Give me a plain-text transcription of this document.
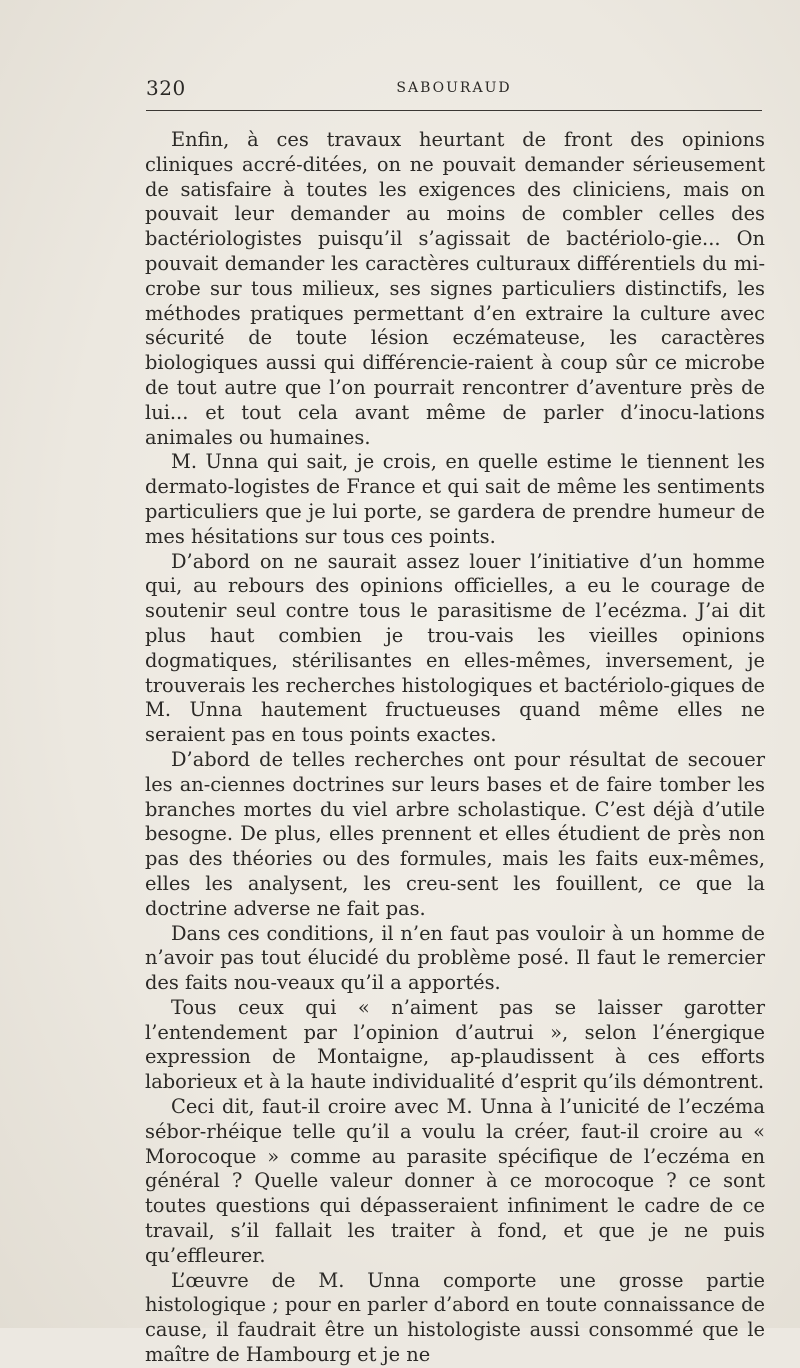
320	SABOURAUD

Enfin, à ces travaux heurtant de front des opinions cliniques accré-ditées, on ne pouvait demander sérieusement de satisfaire à toutes les exigences des cliniciens, mais on pouvait leur demander au moins de combler celles des bactériologistes puisqu’il s’agissait de bactériolo-gie... On pouvait demander les caractères culturaux différentiels du mi-crobe sur tous milieux, ses signes particuliers distinctifs, les méthodes pratiques permettant d’en extraire la culture avec sécurité de toute lésion eczémateuse, les caractères biologiques aussi qui différencie-raient à coup sûr ce microbe de tout autre que l’on pourrait rencontrer d’aventure près de lui... et tout cela avant même de parler d’inocu-lations animales ou humaines.

M. Unna qui sait, je crois, en quelle estime le tiennent les dermato-logistes de France et qui sait de même les sentiments particuliers que je lui porte, se gardera de prendre humeur de mes hésitations sur tous ces points.

D’abord on ne saurait assez louer l’initiative d’un homme qui, au rebours des opinions officielles, a eu le courage de soutenir seul contre tous le parasitisme de l’ecézma. J’ai dit plus haut combien je trou-vais les vieilles opinions dogmatiques, stérilisantes en elles-mêmes, inversement, je trouverais les recherches histologiques et bactériolo-giques de M. Unna hautement fructueuses quand même elles ne seraient pas en tous points exactes.

D’abord de telles recherches ont pour résultat de secouer les an-ciennes doctrines sur leurs bases et de faire tomber les branches mortes du viel arbre scholastique. C’est déjà d’utile besogne. De plus, elles prennent et elles étudient de près non pas des théories ou des formules, mais les faits eux-mêmes, elles les analysent, les creu-sent les fouillent, ce que la doctrine adverse ne fait pas.

Dans ces conditions, il n’en faut pas vouloir à un homme de n’avoir pas tout élucidé du problème posé. Il faut le remercier des faits nou-veaux qu’il a apportés.

Tous ceux qui « n’aiment pas se laisser garotter l’entendement par l’opinion d’autrui », selon l’énergique expression de Montaigne, ap-plaudissent à ces efforts laborieux et à la haute individualité d’esprit qu’ils démontrent.

Ceci dit, faut-il croire avec M. Unna à l’unicité de l’eczéma sébor-rhéique telle qu’il a voulu la créer, faut-il croire au « Morocoque » comme au parasite spécifique de l’eczéma en général ? Quelle valeur donner à ce morocoque ? ce sont toutes questions qui dépasseraient infiniment le cadre de ce travail, s’il fallait les traiter à fond, et que je ne puis qu’effleurer.

L’œuvre de M. Unna comporte une grosse partie histologique ; pour en parler d’abord en toute connaissance de cause, il faudrait être un histologiste aussi consommé que le maître de Hambourg et je ne
